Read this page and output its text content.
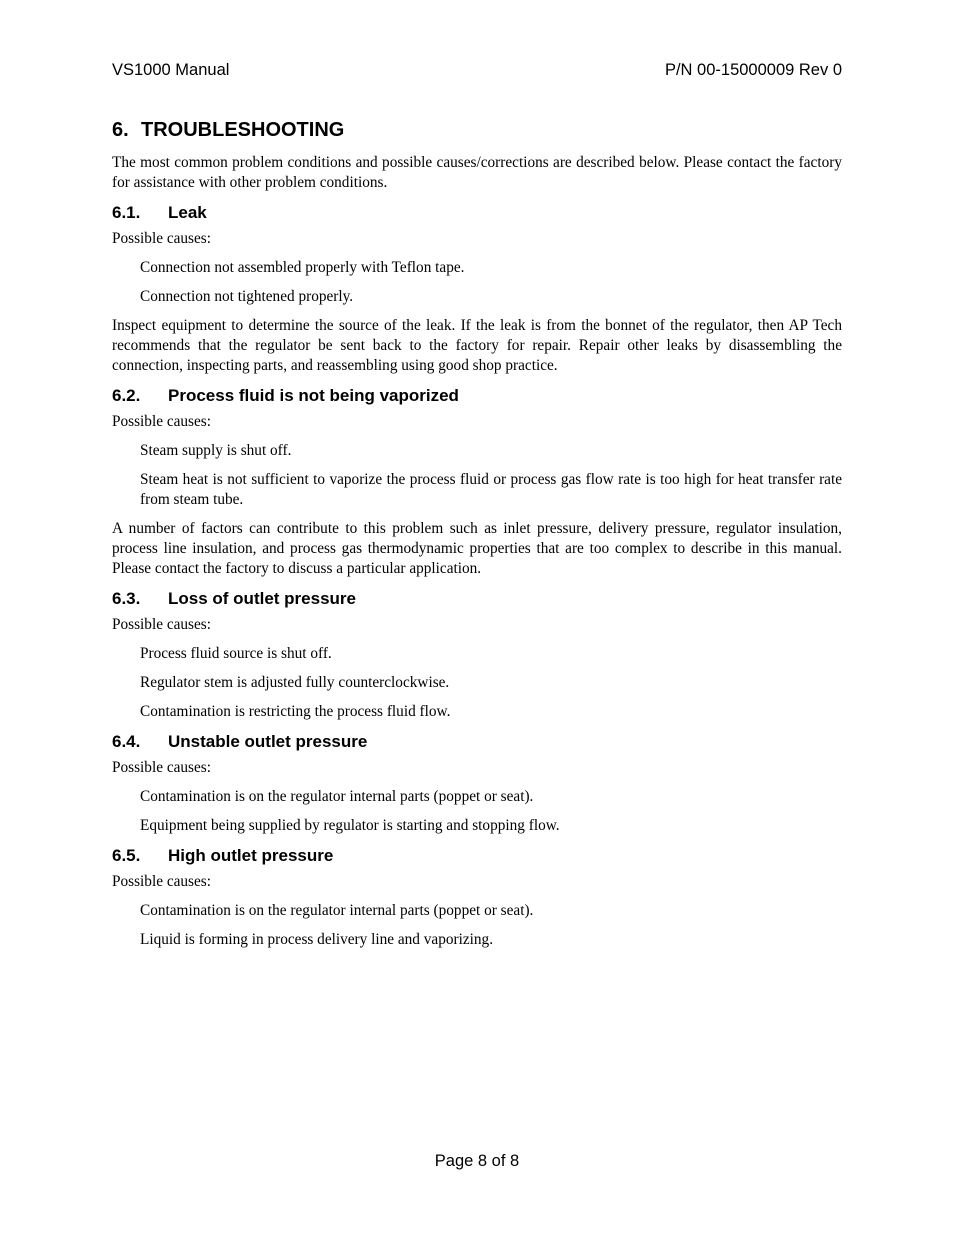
VS1000 Manual	P/N 00-15000009 Rev 0
6. TROUBLESHOOTING

The most common problem conditions and possible causes/corrections are described below. Please contact the factory for assistance with other problem conditions.

6.1. Leak

Possible causes:

Connection not assembled properly with Teflon tape.

Connection not tightened properly.

Inspect equipment to determine the source of the leak. If the leak is from the bonnet of the regulator, then AP Tech recommends that the regulator be sent back to the factory for repair. Repair other leaks by disassembling the connection, inspecting parts, and reassembling using good shop practice.

6.2. Process fluid is not being vaporized

Possible causes:

Steam supply is shut off.

Steam heat is not sufficient to vaporize the process fluid or process gas flow rate is too high for heat transfer rate from steam tube.

A number of factors can contribute to this problem such as inlet pressure, delivery pressure, regulator insulation, process line insulation, and process gas thermodynamic properties that are too complex to describe in this manual. Please contact the factory to discuss a particular application.

6.3. Loss of outlet pressure

Possible causes:

Process fluid source is shut off.

Regulator stem is adjusted fully counterclockwise.

Contamination is restricting the process fluid flow.

6.4. Unstable outlet pressure

Possible causes:

Contamination is on the regulator internal parts (poppet or seat).

Equipment being supplied by regulator is starting and stopping flow.

6.5. High outlet pressure

Possible causes:

Contamination is on the regulator internal parts (poppet or seat).

Liquid is forming in process delivery line and vaporizing.

Page 8 of 8
